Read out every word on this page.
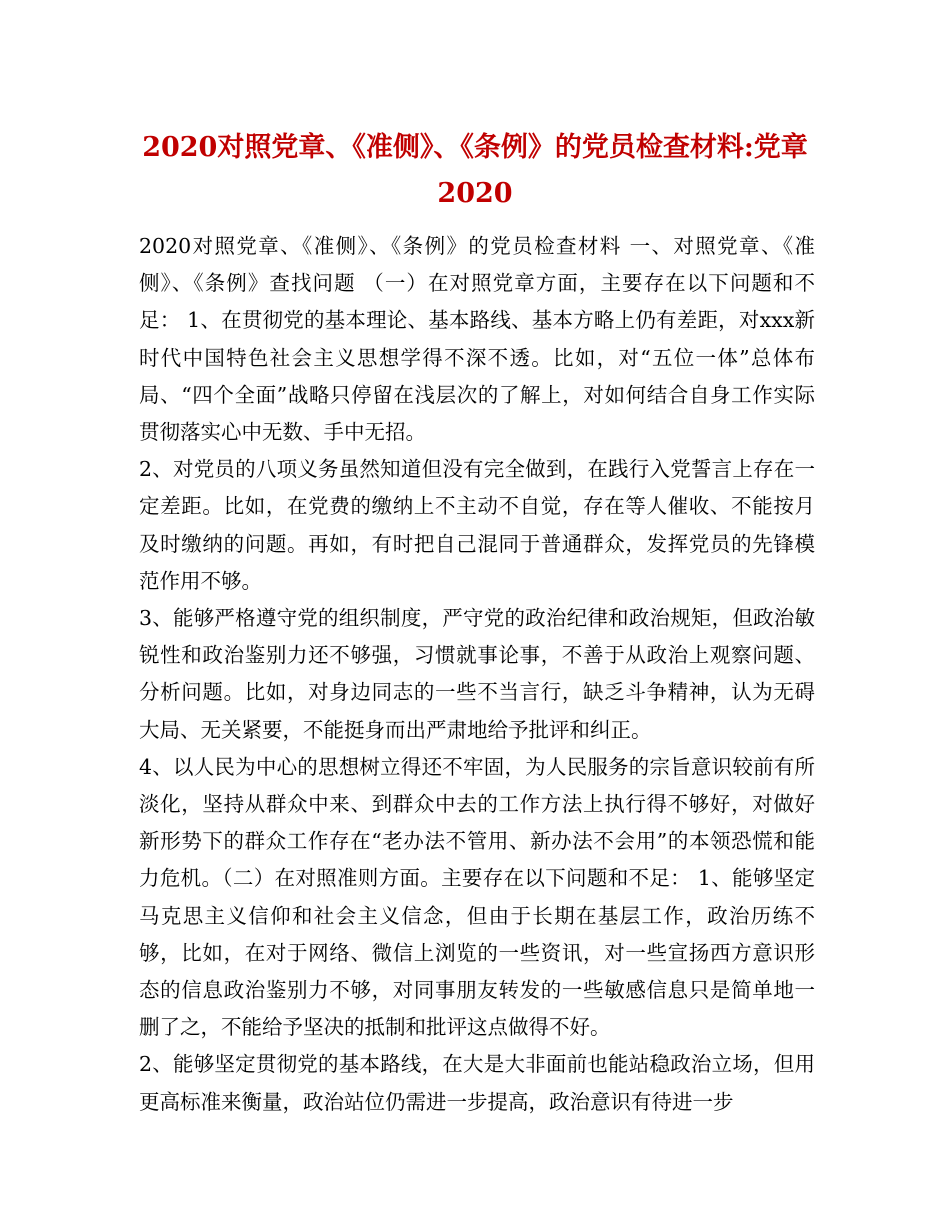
2020对照党章、《准侧》、《条例》的党员检查材料:党章2020

2020对照党章、《准侧》、《条例》的党员检查材料 一、对照党章、《准侧》、《条例》查找问题 （一）在对照党章方面，主要存在以下问题和不足： 1、在贯彻党的基本理论、基本路线、基本方略上仍有差距，对xxx新时代中国特色社会主义思想学得不深不透。比如，对“五位一体”总体布局、“四个全面”战略只停留在浅层次的了解上，对如何结合自身工作实际贯彻落实心中无数、手中无招。

2、对党员的八项义务虽然知道但没有完全做到，在践行入党誓言上存在一定差距。比如，在党费的缴纳上不主动不自觉，存在等人催收、不能按月及时缴纳的问题。再如，有时把自己混同于普通群众，发挥党员的先锋模范作用不够。

3、能够严格遵守党的组织制度，严守党的政治纪律和政治规矩，但政治敏锐性和政治鉴别力还不够强，习惯就事论事，不善于从政治上观察问题、分析问题。比如，对身边同志的一些不当言行，缺乏斗争精神，认为无碍大局、无关紧要，不能挺身而出严肃地给予批评和纠正。

4、以人民为中心的思想树立得还不牢固，为人民服务的宗旨意识较前有所淡化，坚持从群众中来、到群众中去的工作方法上执行得不够好，对做好新形势下的群众工作存在“老办法不管用、新办法不会用”的本领恐慌和能力危机。（二）在对照准则方面。主要存在以下问题和不足： 1、能够坚定马克思主义信仰和社会主义信念，但由于长期在基层工作，政治历练不够，比如，在对于网络、微信上浏览的一些资讯，对一些宣扬西方意识形态的信息政治鉴别力不够，对同事朋友转发的一些敏感信息只是简单地一删了之，不能给予坚决的抵制和批评这点做得不好。

2、能够坚定贯彻党的基本路线，在大是大非面前也能站稳政治立场，但用更高标准来衡量，政治站位仍需进一步提高，政治意识有待进一步
